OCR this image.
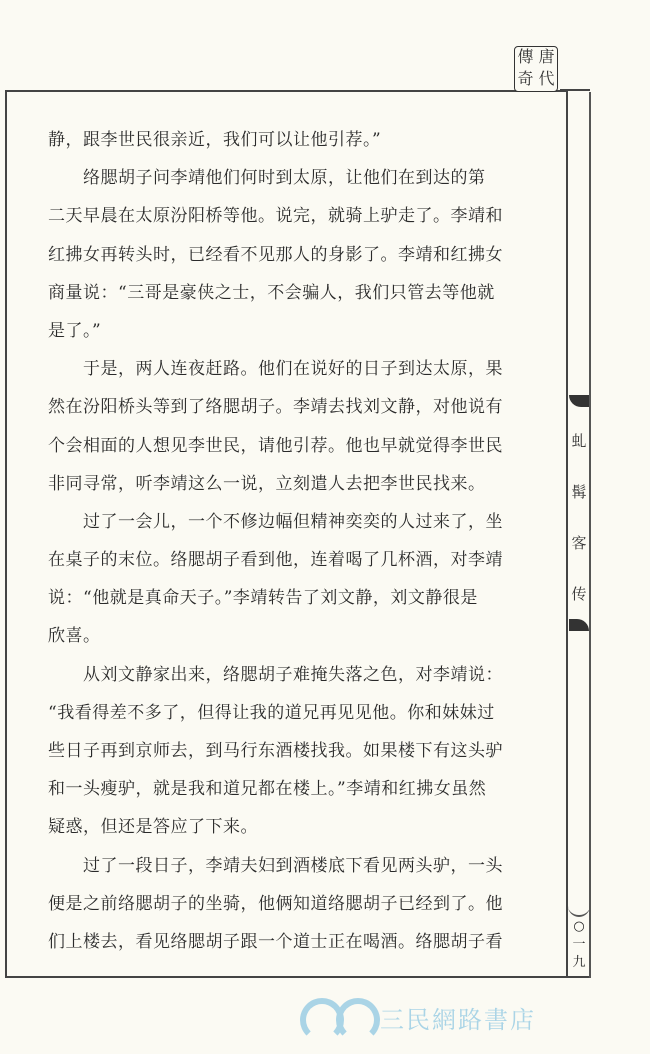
傳 唐
奇 代
虬
髯
客
传
○
一
九
静，跟李世民很亲近，我们可以让他引荐。”
络腮胡子问李靖他们何时到太原，让他们在到达的第
二天早晨在太原汾阳桥等他。说完，就骑上驴走了。李靖和
红拂女再转头时，已经看不见那人的身影了。李靖和红拂女
商量说：“三哥是豪侠之士，不会骗人，我们只管去等他就
是了。”
于是，两人连夜赶路。他们在说好的日子到达太原，果
然在汾阳桥头等到了络腮胡子。李靖去找刘文静，对他说有
个会相面的人想见李世民，请他引荐。他也早就觉得李世民
非同寻常，听李靖这么一说，立刻遣人去把李世民找来。
过了一会儿，一个不修边幅但精神奕奕的人过来了，坐
在桌子的末位。络腮胡子看到他，连着喝了几杯酒，对李靖
说：“他就是真命天子。”李靖转告了刘文静，刘文静很是
欣喜。
从刘文静家出来，络腮胡子难掩失落之色，对李靖说：
“我看得差不多了，但得让我的道兄再见见他。你和妹妹过
些日子再到京师去，到马行东酒楼找我。如果楼下有这头驴
和一头瘦驴，就是我和道兄都在楼上。”李靖和红拂女虽然
疑惑，但还是答应了下来。
过了一段日子，李靖夫妇到酒楼底下看见两头驴，一头
便是之前络腮胡子的坐骑，他俩知道络腮胡子已经到了。他
们上楼去，看见络腮胡子跟一个道士正在喝酒。络腮胡子看
三民網路書店
